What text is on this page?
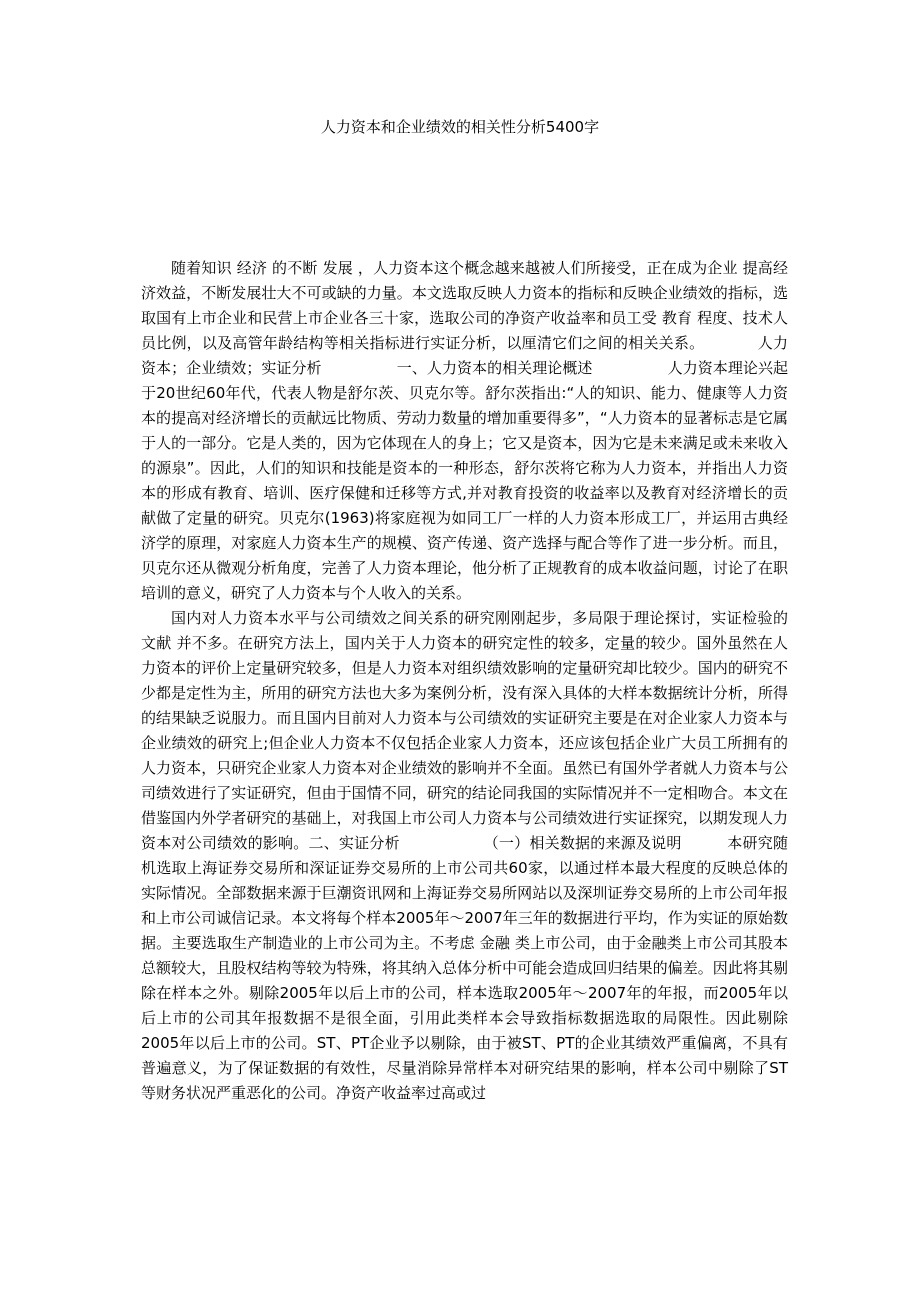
人力资本和企业绩效的相关性分析5400字

随着知识 经济 的不断 发展 ，人力资本这个概念越来越被人们所接受，正在成为企业 提高经济效益，不断发展壮大不可或缺的力量。本文选取反映人力资本的指标和反映企业绩效的指标，选取国有上市企业和民营上市企业各三十家，选取公司的净资产收益率和员工受 教育 程度、技术人员比例，以及高管年龄结构等相关指标进行实证分析，以厘清它们之间的相关关系。　　　　人力资本；企业绩效；实证分析　　　　　一、人力资本的相关理论概述　　　　　人力资本理论兴起于20世纪60年代，代表人物是舒尔茨、贝克尔等。舒尔茨指出:“人的知识、能力、健康等人力资本的提高对经济增长的贡献远比物质、劳动力数量的增加重要得多”，“人力资本的显著标志是它属于人的一部分。它是人类的，因为它体现在人的身上；它又是资本，因为它是未来满足或未来收入的源泉”。因此，人们的知识和技能是资本的一种形态，舒尔茨将它称为人力资本，并指出人力资本的形成有教育、培训、医疗保健和迁移等方式,并对教育投资的收益率以及教育对经济增长的贡献做了定量的研究。贝克尔(1963)将家庭视为如同工厂一样的人力资本形成工厂，并运用古典经济学的原理，对家庭人力资本生产的规模、资产传递、资产选择与配合等作了进一步分析。而且，贝克尔还从微观分析角度，完善了人力资本理论，他分析了正规教育的成本收益问题，讨论了在职培训的意义，研究了人力资本与个人收入的关系。

国内对人力资本水平与公司绩效之间关系的研究刚刚起步，多局限于理论探讨，实证检验的 文献 并不多。在研究方法上，国内关于人力资本的研究定性的较多，定量的较少。国外虽然在人力资本的评价上定量研究较多，但是人力资本对组织绩效影响的定量研究却比较少。国内的研究不少都是定性为主，所用的研究方法也大多为案例分析，没有深入具体的大样本数据统计分析，所得的结果缺乏说服力。而且国内目前对人力资本与公司绩效的实证研究主要是在对企业家人力资本与企业绩效的研究上;但企业人力资本不仅包括企业家人力资本，还应该包括企业广大员工所拥有的人力资本，只研究企业家人力资本对企业绩效的影响并不全面。虽然已有国外学者就人力资本与公司绩效进行了实证研究，但由于国情不同，研究的结论同我国的实际情况并不一定相吻合。本文在借鉴国内外学者研究的基础上，对我国上市公司人力资本与公司绩效进行实证探究，以期发现人力资本对公司绩效的影响。二、实证分析　　　　　　（一）相关数据的来源及说明　　　本研究随机选取上海证券交易所和深证证券交易所的上市公司共60家，以通过样本最大程度的反映总体的实际情况。全部数据来源于巨潮资讯网和上海证券交易所网站以及深圳证券交易所的上市公司年报和上市公司诚信记录。本文将每个样本2005年～2007年三年的数据进行平均，作为实证的原始数据。主要选取生产制造业的上市公司为主。不考虑 金融 类上市公司，由于金融类上市公司其股本总额较大，且股权结构等较为特殊，将其纳入总体分析中可能会造成回归结果的偏差。因此将其剔除在样本之外。剔除2005年以后上市的公司，样本选取2005年～2007年的年报，而2005年以后上市的公司其年报数据不是很全面，引用此类样本会导致指标数据选取的局限性。因此剔除2005年以后上市的公司。ST、PT企业予以剔除，由于被ST、PT的企业其绩效严重偏离，不具有普遍意义，为了保证数据的有效性，尽量消除异常样本对研究结果的影响，样本公司中剔除了ST等财务状况严重恶化的公司。净资产收益率过高或过
